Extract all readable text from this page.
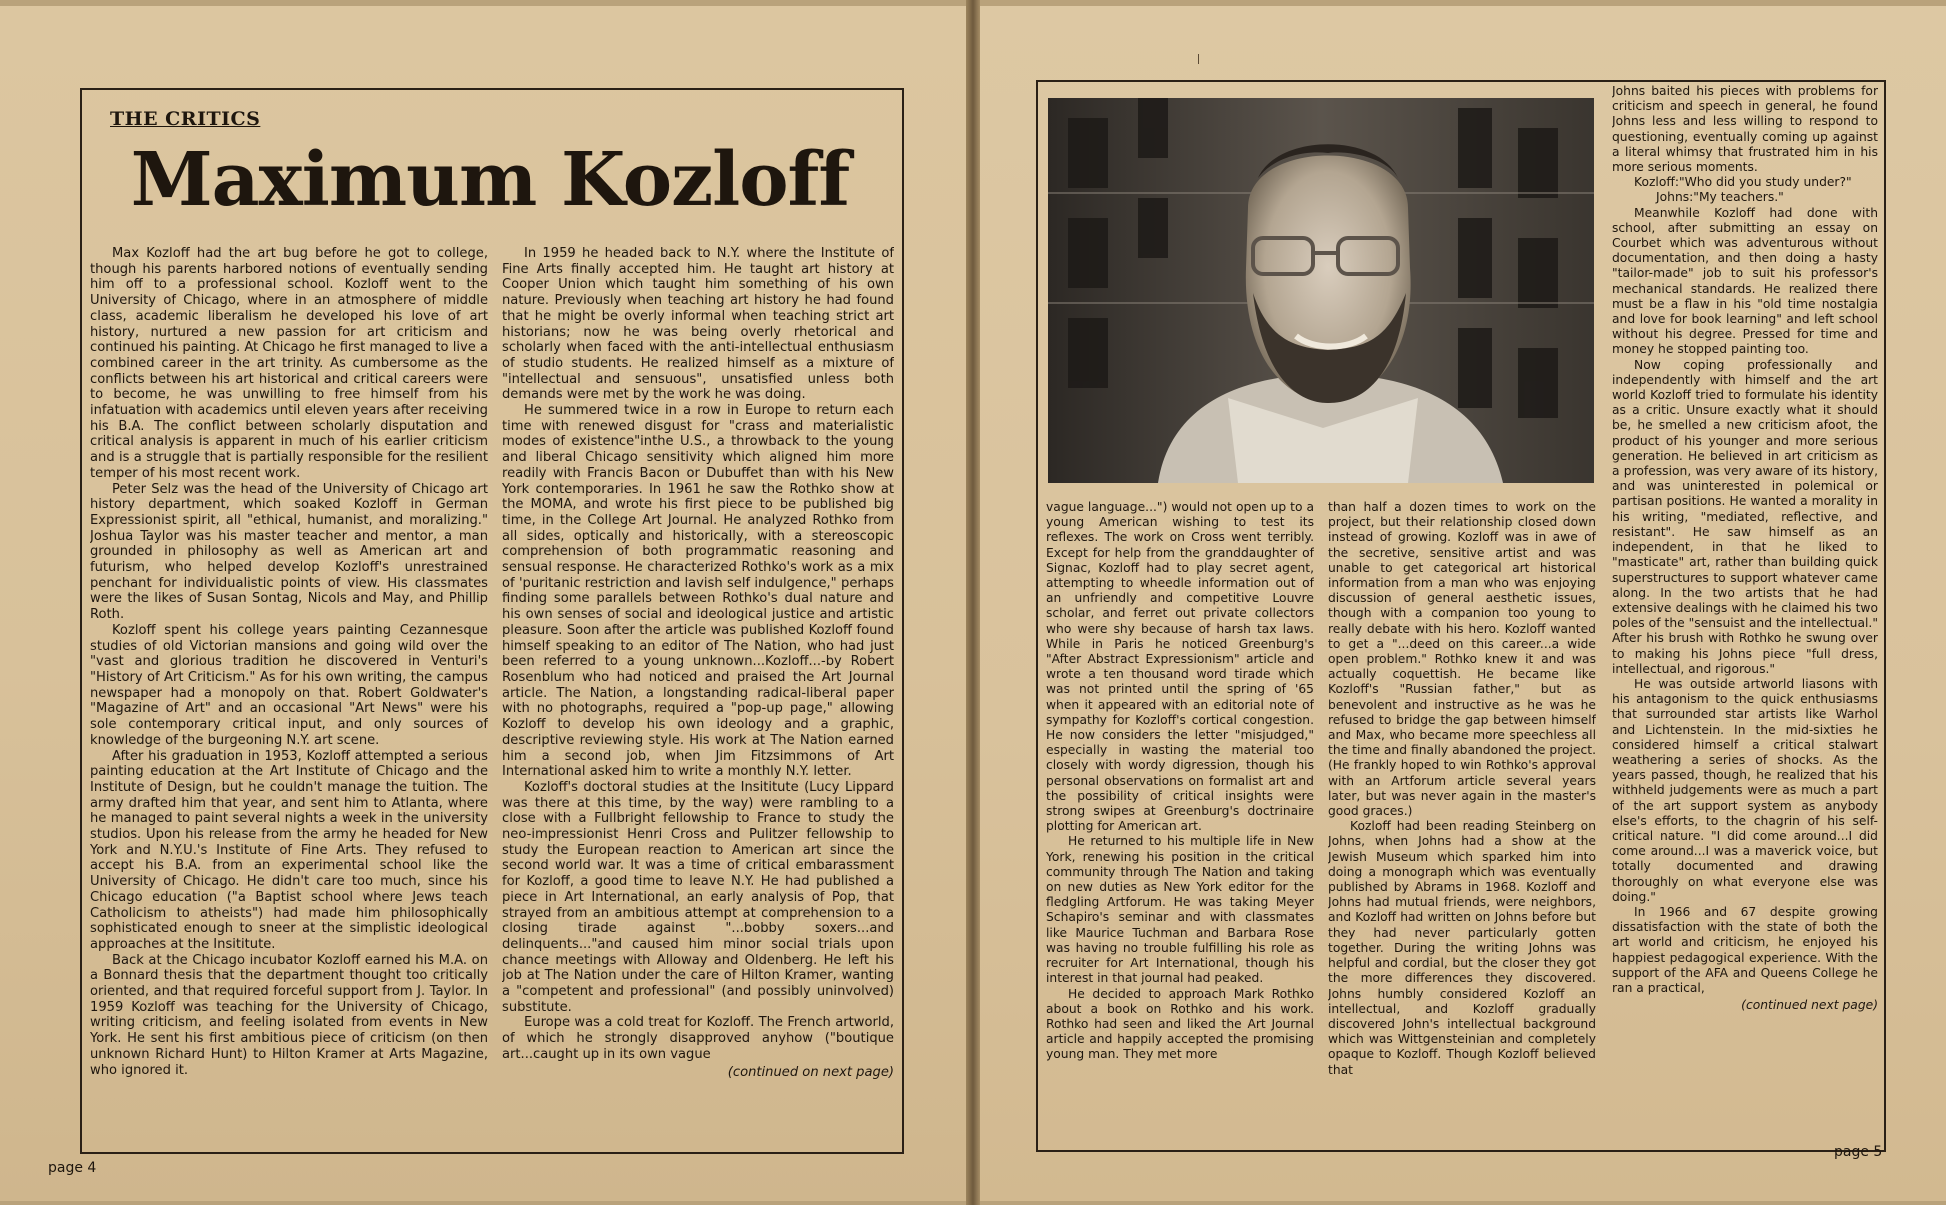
THE CRITICS
Maximum Kozloff

Max Kozloff had the art bug before he got to college, though his parents harbored notions of eventually sending him off to a professional school. Kozloff went to the University of Chicago, where in an atmosphere of middle class, academic liberalism he developed his love of art history, nurtured a new passion for art criticism and continued his painting. At Chicago he first managed to live a combined career in the art trinity. As cumbersome as the conflicts between his art historical and critical careers were to become, he was unwilling to free himself from his infatuation with academics until eleven years after receiving his B.A. The conflict between scholarly disputation and critical analysis is apparent in much of his earlier criticism and is a struggle that is partially responsible for the resilient temper of his most recent work.

Peter Selz was the head of the University of Chicago art history department, which soaked Kozloff in German Expressionist spirit, all "ethical, humanist, and moralizing." Joshua Taylor was his master teacher and mentor, a man grounded in philosophy as well as American art and futurism, who helped develop Kozloff's unrestrained penchant for individualistic points of view. His classmates were the likes of Susan Sontag, Nicols and May, and Phillip Roth.

Kozloff spent his college years painting Cezannesque studies of old Victorian mansions and going wild over the "vast and glorious tradition he discovered in Venturi's "History of Art Criticism." As for his own writing, the campus newspaper had a monopoly on that. Robert Goldwater's "Magazine of Art" and an occasional "Art News" were his sole contemporary critical input, and only sources of knowledge of the burgeoning N.Y. art scene.

After his graduation in 1953, Kozloff attempted a serious painting education at the Art Institute of Chicago and the Institute of Design, but he couldn't manage the tuition. The army drafted him that year, and sent him to Atlanta, where he managed to paint several nights a week in the university studios. Upon his release from the army he headed for New York and N.Y.U.'s Institute of Fine Arts. They refused to accept his B.A. from an experimental school like the University of Chicago. He didn't care too much, since his Chicago education ("a Baptist school where Jews teach Catholicism to atheists") had made him philosophically sophisticated enough to sneer at the simplistic ideological approaches at the Insititute.

Back at the Chicago incubator Kozloff earned his M.A. on a Bonnard thesis that the department thought too critically oriented, and that required forceful support from J. Taylor. In 1959 Kozloff was teaching for the University of Chicago, writing criticism, and feeling isolated from events in New York. He sent his first ambitious piece of criticism (on then unknown Richard Hunt) to Hilton Kramer at Arts Magazine, who ignored it.

In 1959 he headed back to N.Y. where the Institute of Fine Arts finally accepted him. He taught art history at Cooper Union which taught him something of his own nature. Previously when teaching art history he had found that he might be overly informal when teaching strict art historians; now he was being overly rhetorical and scholarly when faced with the anti-intellectual enthusiasm of studio students. He realized himself as a mixture of "intellectual and sensuous", unsatisfied unless both demands were met by the work he was doing.

He summered twice in a row in Europe to return each time with renewed disgust for "crass and materialistic modes of existence"inthe U.S., a throwback to the young and liberal Chicago sensitivity which aligned him more readily with Francis Bacon or Dubuffet than with his New York contemporaries. In 1961 he saw the Rothko show at the MOMA, and wrote his first piece to be published big time, in the College Art Journal. He analyzed Rothko from all sides, optically and historically, with a stereoscopic comprehension of both programmatic reasoning and sensual response. He characterized Rothko's work as a mix of 'puritanic restriction and lavish self indulgence," perhaps finding some parallels between Rothko's dual nature and his own senses of social and ideological justice and artistic pleasure. Soon after the article was published Kozloff found himself speaking to an editor of The Nation, who had just been referred to a young unknown...Kozloff...-by Robert Rosenblum who had noticed and praised the Art Journal article. The Nation, a longstanding radical-liberal paper with no photographs, required a "pop-up page," allowing Kozloff to develop his own ideology and a graphic, descriptive reviewing style. His work at The Nation earned him a second job, when Jim Fitzsimmons of Art International asked him to write a monthly N.Y. letter.

Kozloff's doctoral studies at the Insititute (Lucy Lippard was there at this time, by the way) were rambling to a close with a Fullbright fellowship to France to study the neo-impressionist Henri Cross and Pulitzer fellowship to study the European reaction to American art since the second world war. It was a time of critical embarassment for Kozloff, a good time to leave N.Y. He had published a piece in Art International, an early analysis of Pop, that strayed from an ambitious attempt at comprehension to a closing tirade against "...bobby soxers...and delinquents..."and caused him minor social trials upon chance meetings with Alloway and Oldenberg. He left his job at The Nation under the care of Hilton Kramer, wanting a "competent and professional" (and possibly uninvolved) substitute.

Europe was a cold treat for Kozloff. The French artworld, of which he strongly disapproved anyhow ("boutique art...caught up in its own vague

(continued on next page)

vague language...") would not open up to a young American wishing to test its reflexes. The work on Cross went terribly. Except for help from the granddaughter of Signac, Kozloff had to play secret agent, attempting to wheedle information out of an unfriendly and competitive Louvre scholar, and ferret out private collectors who were shy because of harsh tax laws. While in Paris he noticed Greenburg's "After Abstract Expressionism" article and wrote a ten thousand word tirade which was not printed until the spring of '65 when it appeared with an editorial note of sympathy for Kozloff's cortical congestion. He now considers the letter "misjudged," especially in wasting the material too closely with wordy digression, though his personal observations on formalist art and the possibility of critical insights were strong swipes at Greenburg's doctrinaire plotting for American art.

He returned to his multiple life in New York, renewing his position in the critical community through The Nation and taking on new duties as New York editor for the fledgling Artforum. He was taking Meyer Schapiro's seminar and with classmates like Maurice Tuchman and Barbara Rose was having no trouble fulfilling his role as recruiter for Art International, though his interest in that journal had peaked.

He decided to approach Mark Rothko about a book on Rothko and his work. Rothko had seen and liked the Art Journal article and happily accepted the promising young man. They met more

than half a dozen times to work on the project, but their relationship closed down instead of growing. Kozloff was in awe of the secretive, sensitive artist and was unable to get categorical art historical information from a man who was enjoying discussion of general aesthetic issues, though with a companion too young to really debate with his hero. Kozloff wanted to get a "...deed on this career...a wide open problem." Rothko knew it and was actually coquettish. He became like Kozloff's "Russian father," but as benevolent and instructive as he was he refused to bridge the gap between himself and Max, who became more speechless all the time and finally abandoned the project. (He frankly hoped to win Rothko's approval with an Artforum article several years later, but was never again in the master's good graces.)

Kozloff had been reading Steinberg on Johns, when Johns had a show at the Jewish Museum which sparked him into doing a monograph which was eventually published by Abrams in 1968. Kozloff and Johns had mutual friends, were neighbors, and Kozloff had written on Johns before but they had never particularly gotten together. During the writing Johns was helpful and cordial, but the closer they got the more differences they discovered. Johns humbly considered Kozloff an intellectual, and Kozloff gradually discovered John's intellectual background which was Wittgensteinian and completely opaque to Kozloff. Though Kozloff believed that

Johns baited his pieces with problems for criticism and speech in general, he found Johns less and less willing to respond to questioning, eventually coming up against a literal whimsy that frustrated him in his more serious moments.

Kozloff:"Who did you study under?"

Johns:"My teachers."

Meanwhile Kozloff had done with school, after submitting an essay on Courbet which was adventurous without documentation, and then doing a hasty "tailor-made" job to suit his professor's mechanical standards. He realized there must be a flaw in his "old time nostalgia and love for book learning" and left school without his degree. Pressed for time and money he stopped painting too.

Now coping professionally and independently with himself and the art world Kozloff tried to formulate his identity as a critic. Unsure exactly what it should be, he smelled a new criticism afoot, the product of his younger and more serious generation. He believed in art criticism as a profession, was very aware of its history, and was uninterested in polemical or partisan positions. He wanted a morality in his writing, "mediated, reflective, and resistant". He saw himself as an independent, in that he liked to "masticate" art, rather than building quick superstructures to support whatever came along. In the two artists that he had extensive dealings with he claimed his two poles of the "sensuist and the intellectual." After his brush with Rothko he swung over to making his Johns piece "full dress, intellectual, and rigorous."

He was outside artworld liasons with his antagonism to the quick enthusiasms that surrounded star artists like Warhol and Lichtenstein. In the mid-sixties he considered himself a critical stalwart weathering a series of shocks. As the years passed, though, he realized that his withheld judgements were as much a part of the art support system as anybody else's efforts, to the chagrin of his self-critical nature. "I did come around...I did come around...I was a maverick voice, but totally documented and drawing thoroughly on what everyone else was doing."

In 1966 and 67 despite growing dissatisfaction with the state of both the art world and criticism, he enjoyed his happiest pedagogical experience. With the support of the AFA and Queens College he ran a practical,

(continued next page)
page 4
page 5
